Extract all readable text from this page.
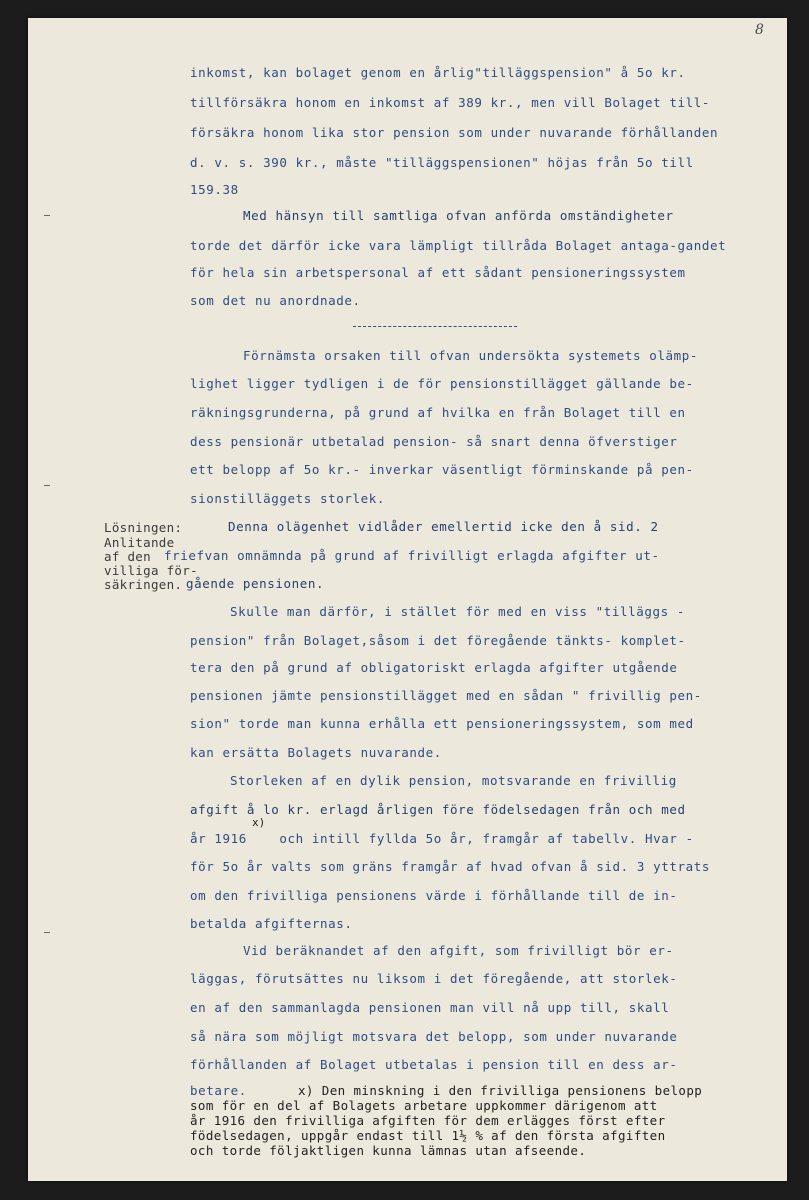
8
inkomst, kan bolaget genom en årlig"tilläggspension" å 5o kr.
tillförsäkra honom en inkomst af 389 kr., men vill Bolaget till-
försäkra honom lika stor pension som under nuvarande förhållanden
d. v. s. 390 kr., måste "tilläggspensionen" höjas från 5o till
159.38
Med hänsyn till samtliga ofvan anförda omständigheter
torde det därför icke vara lämpligt tillråda Bolaget antaga-gandet
för hela sin arbetspersonal af ett sådant pensioneringssystem
som det nu anordnade.
Förnämsta orsaken till ofvan undersökta systemets olämp-
lighet ligger tydligen i de för pensionstillägget gällande be-
räkningsgrunderna, på grund af hvilka en från Bolaget till en
dess pensionär utbetalad pension- så snart denna öfverstiger
ett belopp af 5o kr.- inverkar väsentligt förminskande på pen-
sionstilläggets storlek.
Lösningen:
Anlitande
af den
villiga för-
säkringen.
Denna olägenhet vidlåder emellertid icke den å sid. 2
friefvan omnämnda på grund af frivilligt erlagda afgifter ut-
gående pensionen.
Skulle man därför, i stället för med en viss "tilläggs -
pension" från Bolaget,såsom i det föregående tänkts- komplet-
tera den på grund af obligatoriskt erlagda afgifter utgående
pensionen jämte pensionstillägget med en sådan " frivillig pen-
sion" torde man kunna erhålla ett pensioneringssystem, som med
kan ersätta Bolagets nuvarande.
Storleken af en dylik pension, motsvarande en frivillig
afgift å lo kr. erlagd årligen före födelsedagen från och med
x)
år 1916    och intill fyllda 5o år, framgår af tabellv. Hvar -
för 5o år valts som gräns framgår af hvad ofvan å sid. 3 yttrats
om den frivilliga pensionens värde i förhållande till de in-
betalda afgifternas.
Vid beräknandet af den afgift, som frivilligt bör er-
läggas, förutsättes nu liksom i det föregående, att storlek-
en af den sammanlagda pensionen man vill nå upp till, skall
så nära som möjligt motsvara det belopp, som under nuvarande
förhållanden af Bolaget utbetalas i pension till en dess ar-
betare.	x) Den minskning i den frivilliga pensionens belopp
som för en del af Bolagets arbetare uppkommer därigenom att
år 1916 den frivilliga afgiften för dem erlägges först efter
födelsedagen, uppgår endast till 1½ % af den första afgiften
och torde följaktligen kunna lämnas utan afseende.
